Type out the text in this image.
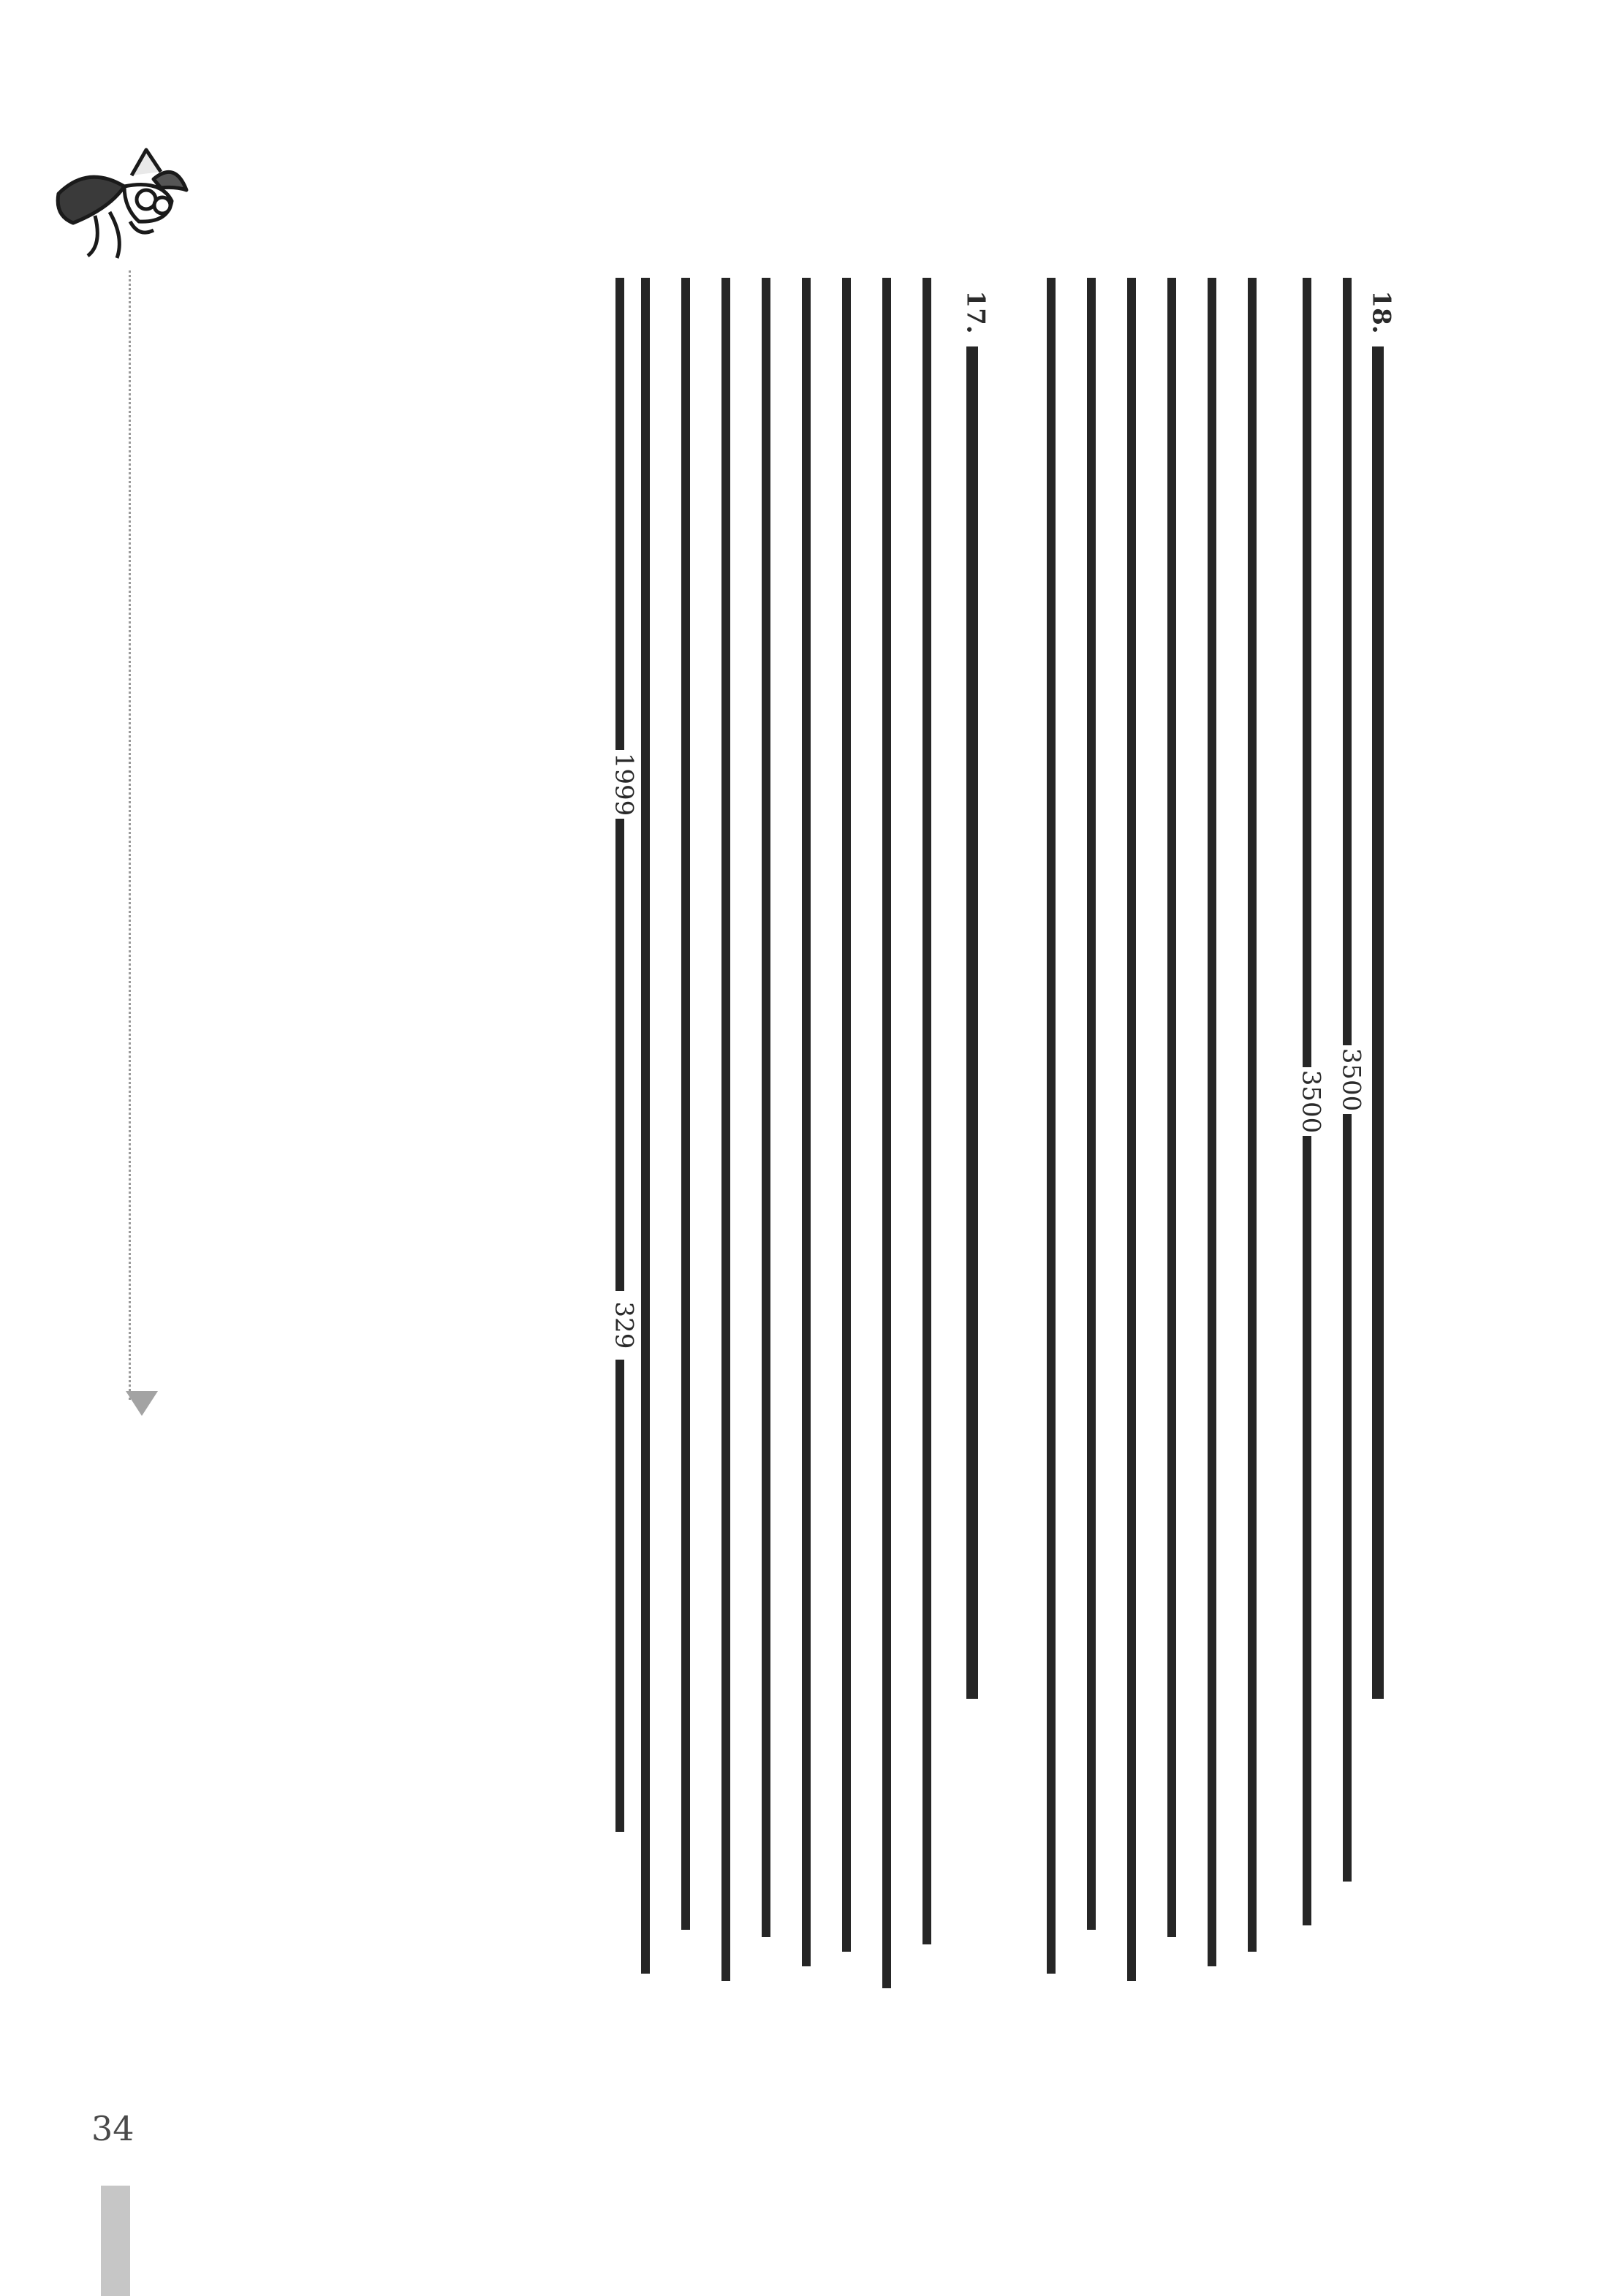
34
18.
3500
3500
17.
1999329
